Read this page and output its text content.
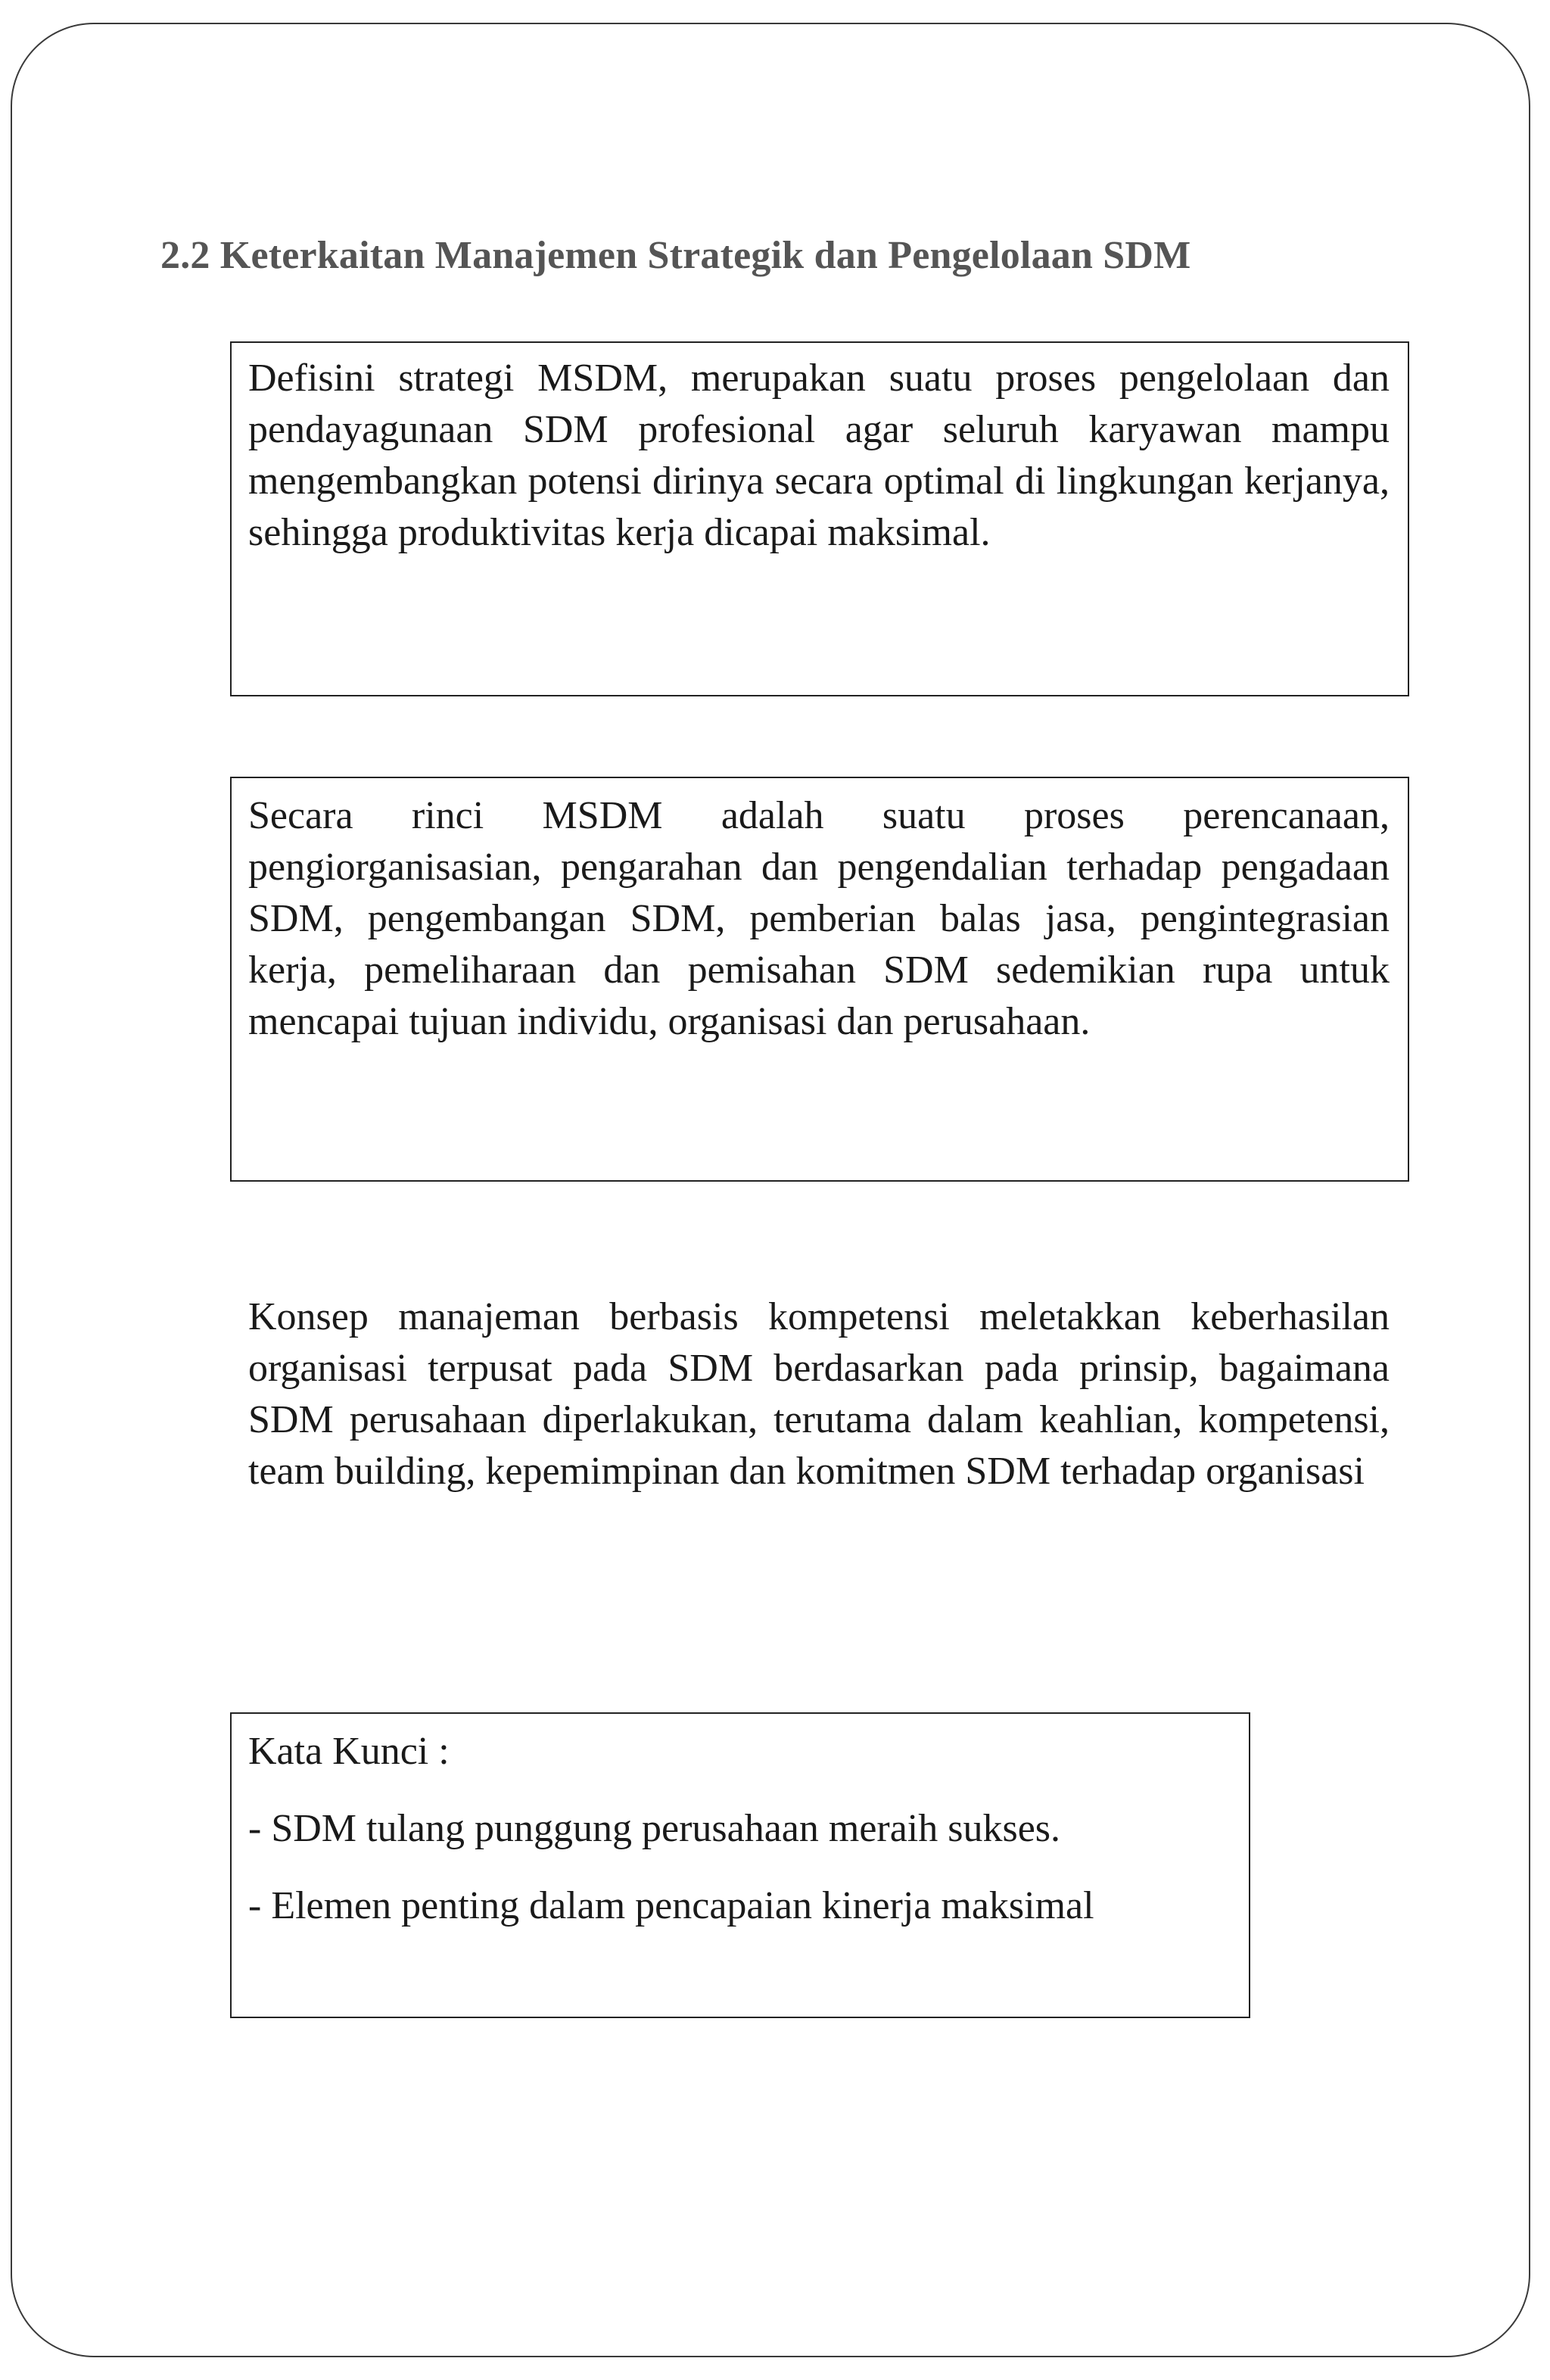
2.2 Keterkaitan Manajemen Strategik dan Pengelolaan SDM

Defisini strategi MSDM, merupakan suatu proses pengelolaan dan pendayagunaan SDM profesional agar seluruh karyawan mampu mengembangkan potensi dirinya secara optimal di lingkungan kerjanya, sehingga produktivitas kerja dicapai maksimal.

Secara rinci MSDM adalah suatu proses perencanaan, pengiorganisasian, pengarahan dan pengendalian terhadap pengadaan SDM, pengembangan SDM, pemberian balas jasa, pengintegrasian kerja, pemeliharaan dan pemisahan SDM sedemikian rupa untuk mencapai tujuan individu, organisasi dan perusahaan.

Konsep manajeman berbasis kompetensi meletakkan keberhasilan organisasi terpusat pada SDM berdasarkan pada prinsip, bagaimana SDM perusahaan diperlakukan, terutama dalam keahlian, kompetensi, team building, kepemimpinan dan komitmen SDM terhadap organisasi

Kata Kunci :

- SDM tulang punggung perusahaan meraih sukses.

- Elemen penting dalam pencapaian kinerja maksimal
